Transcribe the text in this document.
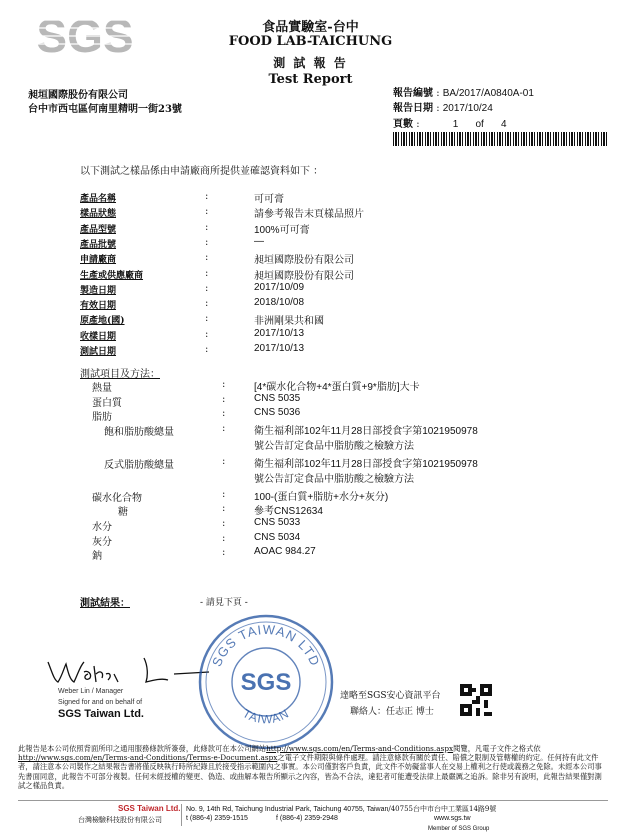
SGS	食品實驗室-台中
FOOD LAB-TAICHUNG
測 試 報 告
Test Report
昶垣國際股份有限公司
台中市西屯區何南里精明一街23號
報告編號 : BA/2017/A0840A-01
報告日期 : 2017/10/24
頁數 :	1 of 4
以下測試之樣品係由申請廠商所提供並確認資料如下 ：
產品名稱	:	可可膏
樣品狀態	:	請參考報告末頁樣品照片
產品型號	:	100%可可膏
產品批號	:	—
申請廠商	:	昶垣國際股份有限公司
生產或供應廠商	:	昶垣國際股份有限公司
製造日期	:	2017/10/09
有效日期	:	2018/10/08
原產地(國)	:	非洲剛果共和國
收樣日期	:	2017/10/13
測試日期	:	2017/10/13
測試項目及方法：
熱量	:	[4*碳水化合物+4*蛋白質+9*脂肪]大卡
蛋白質	:	CNS 5035
脂肪	:	CNS 5036
飽和脂肪酸總量	:	衛生福利部102年11月28日部授食字第1021950978
號公告訂定食品中脂肪酸之檢驗方法
反式脂肪酸總量	:	衛生福利部102年11月28日部授食字第1021950978
號公告訂定食品中脂肪酸之檢驗方法
碳水化合物	:	100-(蛋白質+脂肪+水分+灰分)
糖	:	參考CNS12634
水分	:	CNS 5033
灰分	:	CNS 5034
鈉	:	AOAC 984.27
測試結果：	- 請見下頁 -
Weber Lin / Manager
Signed for and on behalf of
SGS Taiwan Ltd.
SGS TAIWAN LTD
TAIWAN
SGS	達略至SGS安心資訊平台
聯絡人：任志正 博士
此報告是本公司依照背面所印之通用服務條款所簽發，此條款可在本公司網站http://www.sgs.com/en/Terms-and-Conditions.aspx閱覽，凡電子文件之格式依http://www.sgs.com/en/Terms-and-Conditions/Terms-e-Document.aspx之電子文件期限與條件處理。請注意條款有關於責任、賠償之限制及管轄權的約定。任何持有此文件者，請注意本公司製作之結果報告書將僅反映執行時所紀錄且於接受指示範圍內之事實。本公司僅對客戶負責，此文件不妨礙當事人在交易上權利之行使或義務之免除。未經本公司事先書面同意，此報告不可部分複製。任何未經授權的變更、偽造、或曲解本報告所顯示之內容，皆為不合法，違犯者可能遭受法律上最嚴厲之追訴。除非另有說明，此報告結果僅對測試之樣品負責。
SGS Taiwan Ltd.
台灣檢驗科技股份有限公司
No. 9, 14th Rd, Taichung Industrial Park, Taichung 40755, Taiwan/40755台中市台中工業區14路9號
t (886-4) 2359-1515	f (886-4) 2359-2948	www.sgs.tw
Member of SGS Group
